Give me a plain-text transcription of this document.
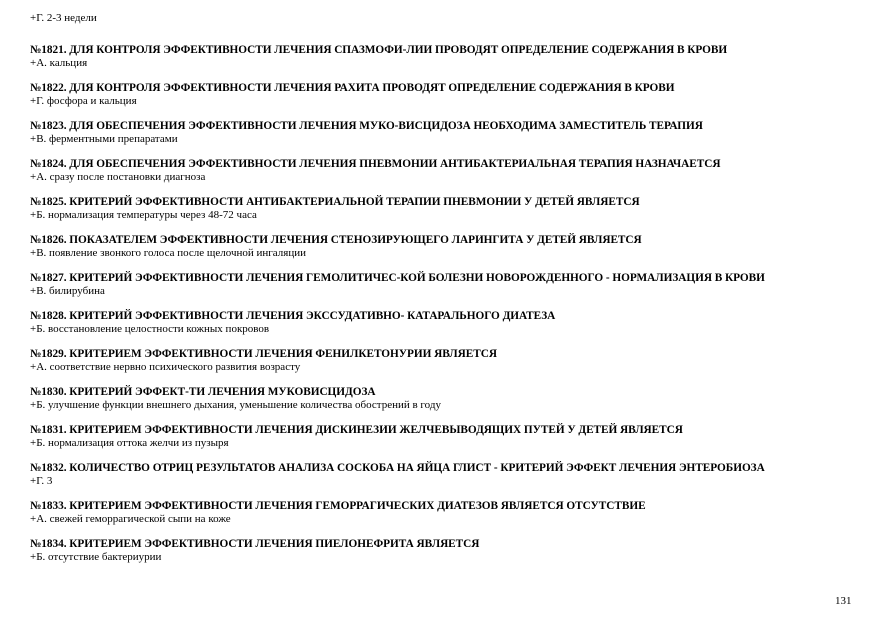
+Г. 2-3 недели
№1821. ДЛЯ КОНТРОЛЯ ЭФФЕКТИВНОСТИ ЛЕЧЕНИЯ СПАЗМОФИ-ЛИИ ПРОВОДЯТ ОПРЕДЕЛЕНИЕ СОДЕРЖАНИЯ В КРОВИ
+А. кальция
№1822. ДЛЯ КОНТРОЛЯ ЭФФЕКТИВНОСТИ ЛЕЧЕНИЯ РАХИТА ПРОВОДЯТ ОПРЕДЕЛЕНИЕ СОДЕРЖАНИЯ В КРОВИ
+Г. фосфора и кальция
№1823. ДЛЯ ОБЕСПЕЧЕНИЯ ЭФФЕКТИВНОСТИ ЛЕЧЕНИЯ МУКО-ВИСЦИДОЗА НЕОБХОДИМА ЗАМЕСТИТЕЛЬ ТЕРАПИЯ
+В. ферментными препаратами
№1824. ДЛЯ ОБЕСПЕЧЕНИЯ ЭФФЕКТИВНОСТИ ЛЕЧЕНИЯ ПНЕВМОНИИ АНТИБАКТЕРИАЛЬНАЯ ТЕРАПИЯ НАЗНАЧАЕТСЯ
+А. сразу после постановки диагноза
№1825. КРИТЕРИЙ ЭФФЕКТИВНОСТИ АНТИБАКТЕРИАЛЬНОЙ ТЕРАПИИ ПНЕВМОНИИ У ДЕТЕЙ ЯВЛЯЕТСЯ
+Б. нормализация температуры через 48-72 часа
№1826. ПОКАЗАТЕЛЕМ ЭФФЕКТИВНОСТИ ЛЕЧЕНИЯ СТЕНОЗИРУЮЩЕГО ЛАРИНГИТА У ДЕТЕЙ ЯВЛЯЕТСЯ
+В. появление звонкого голоса после щелочной ингаляции
№1827. КРИТЕРИЙ ЭФФЕКТИВНОСТИ ЛЕЧЕНИЯ ГЕМОЛИТИЧЕС-КОЙ БОЛЕЗНИ НОВОРОЖДЕННОГО - НОРМАЛИЗАЦИЯ В КРОВИ
+В. билирубина
№1828. КРИТЕРИЙ ЭФФЕКТИВНОСТИ ЛЕЧЕНИЯ ЭКССУДАТИВНО- КАТАРАЛЬНОГО ДИАТЕЗА
+Б. восстановление целостности кожных покровов
№1829. КРИТЕРИЕМ ЭФФЕКТИВНОСТИ ЛЕЧЕНИЯ ФЕНИЛКЕТОНУРИИ ЯВЛЯЕТСЯ
+А. соответствие нервно психического развития возрасту
№1830. КРИТЕРИЙ ЭФФЕКТ-ТИ ЛЕЧЕНИЯ МУКОВИСЦИДОЗА
+Б. улучшение функции внешнего дыхания, уменьшение количества обострений в году
№1831. КРИТЕРИЕМ ЭФФЕКТИВНОСТИ ЛЕЧЕНИЯ ДИСКИНЕЗИИ ЖЕЛЧЕВЫВОДЯЩИХ ПУТЕЙ У ДЕТЕЙ ЯВЛЯЕТСЯ
+Б. нормализация оттока желчи из пузыря
№1832. КОЛИЧЕСТВО ОТРИЦ РЕЗУЛЬТАТОВ АНАЛИЗА СОСКОБА НА ЯЙЦА ГЛИСТ - КРИТЕРИЙ ЭФФЕКТ ЛЕЧЕНИЯ ЭНТЕРОБИОЗА
+Г. 3
№1833. КРИТЕРИЕМ ЭФФЕКТИВНОСТИ ЛЕЧЕНИЯ ГЕМОРРАГИЧЕСКИХ ДИАТЕЗОВ ЯВЛЯЕТСЯ ОТСУТСТВИЕ
+А. свежей геморрагической сыпи на коже
№1834. КРИТЕРИЕМ ЭФФЕКТИВНОСТИ ЛЕЧЕНИЯ ПИЕЛОНЕФРИТА ЯВЛЯЕТСЯ
+Б. отсутствие бактериурии
131
